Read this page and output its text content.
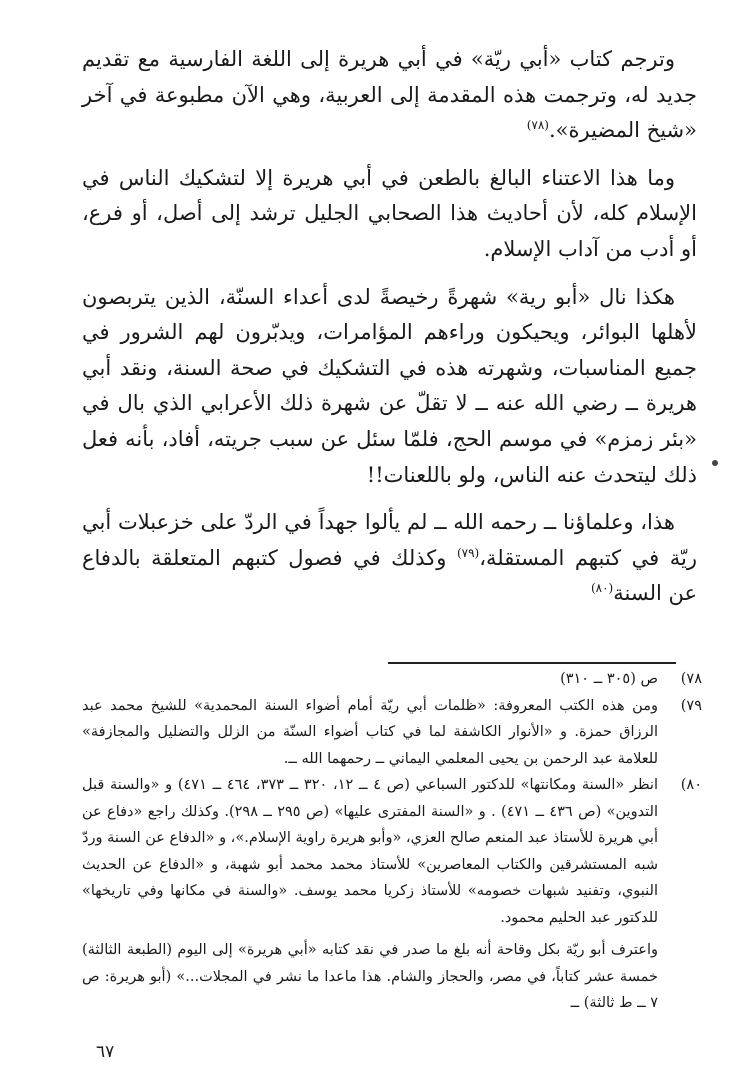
وترجم كتاب «أبي ريّة» في أبي هريرة إلى اللغة الفارسية مع تقديم جديد له، وترجمت هذه المقدمة إلى العربية، وهي الآن مطبوعة في آخر «شيخ المضيرة».$^{(٧٨)}$

وما هذا الاعتناء البالغ بالطعن في أبي هريرة إلا لتشكيك الناس في الإسلام كله، لأن أحاديث هذا الصحابي الجليل ترشد إلى أصل، أو فرع، أو أدب من آداب الإسلام.

هكذا نال «أبو رية» شهرةً رخيصةً لدى أعداء السنّة، الذين يتربصون لأهلها البوائر، ويحيكون وراءهم المؤامرات، ويدبّرون لهم الشرور في جميع المناسبات، وشهرته هذه في التشكيك في صحة السنة، ونقد أبي هريرة ــ رضي الله عنه ــ لا تقلّ عن شهرة ذلك الأعرابي الذي بال في «بئر زمزم» في موسم الحج، فلمّا سئل عن سبب جريته، أفاد، بأنه فعل ذلك ليتحدث عنه الناس، ولو باللعنات!!

هذا، وعلماؤنا ــ رحمه الله ــ لم يألوا جهداً في الردّ على خزعبلات أبي ريّة في كتبهم المستقلة،$^{(٧٩)}$ وكذلك في فصول كتبهم المتعلقة بالدفاع عن السنة$^{(٨٠)}$

٧٨)
ص (٣٠٥ ــ ٣١٠)
٧٩)
ومن هذه الكتب المعروفة: «ظلمات أبي ريّة أمام أضواء السنة المحمدية» للشيخ محمد عبد الرزاق حمزة. و «الأنوار الكاشفة لما في كتاب أضواء السنّة من الزلل والتضليل والمجازفة» للعلامة عبد الرحمن بن يحيى المعلمي اليماني ــ رحمهما الله ــ.
٨٠)
انظر «السنة ومكانتها» للدكتور السباعي (ص ٤ ــ ١٢، ٣٢٠ ــ ٣٧٣، ٤٦٤ ــ ٤٧١) و «والسنة قبل التدوين» (ص ٤٣٦ ــ ٤٧١) . و «السنة المفترى عليها» (ص ٢٩٥ ــ ٢٩٨). وكذلك راجع «دفاع عن أبي هريرة للأستاذ عبد المنعم صالح العزي، «وأبو هريرة راوية الإسلام.»، و «الدفاع عن السنة وردّ شبه المستشرقين والكتاب المعاصرين» للأستاذ محمد محمد أبو شهبة، و «الدفاع عن الحديث النبوي، وتفنيد شبهات خصومه» للأستاذ زكريا محمد يوسف. «والسنة في مكانها وفي تاريخها» للدكتور عبد الحليم محمود.

واعترف أبو ريّة بكل وقاحة أنه بلغ ما صدر في نقد كتابه «أبي هريرة» إلى اليوم (الطبعة الثالثة) خمسة عشر كتاباً، في مصر، والحجاز والشام. هذا ماعدا ما نشر في المجلات...» (أبو هريرة: ص ٧ ــ ط ثالثة) ــ

٦٧
